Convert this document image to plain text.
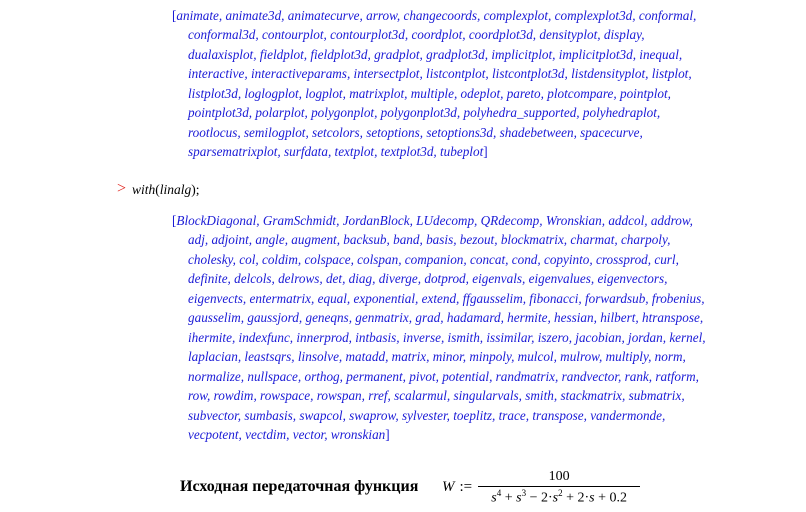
[animate, animate3d, animatecurve, arrow, changecoords, complexplot, complexplot3d, conformal,
conformal3d, contourplot, contourplot3d, coordplot, coordplot3d, densityplot, display,
dualaxisplot, fieldplot, fieldplot3d, gradplot, gradplot3d, implicitplot, implicitplot3d, inequal,
interactive, interactiveparams, intersectplot, listcontplot, listcontplot3d, listdensityplot, listplot,
listplot3d, loglogplot, logplot, matrixplot, multiple, odeplot, pareto, plotcompare, pointplot,
pointplot3d, polarplot, polygonplot, polygonplot3d, polyhedra_supported, polyhedraplot,
rootlocus, semilogplot, setcolors, setoptions, setoptions3d, shadebetween, spacecurve,
sparsematrixplot, surfdata, textplot, textplot3d, tubeplot]
> with(linalg);
[BlockDiagonal, GramSchmidt, JordanBlock, LUdecomp, QRdecomp, Wronskian, addcol, addrow,
adj, adjoint, angle, augment, backsub, band, basis, bezout, blockmatrix, charmat, charpoly,
cholesky, col, coldim, colspace, colspan, companion, concat, cond, copyinto, crossprod, curl,
definite, delcols, delrows, det, diag, diverge, dotprod, eigenvals, eigenvalues, eigenvectors,
eigenvects, entermatrix, equal, exponential, extend, ffgausselim, fibonacci, forwardsub, frobenius,
gausselim, gaussjord, geneqns, genmatrix, grad, hadamard, hermite, hessian, hilbert, htranspose,
ihermite, indexfunc, innerprod, intbasis, inverse, ismith, issimilar, iszero, jacobian, jordan, kernel,
laplacian, leastsqrs, linsolve, matadd, matrix, minor, minpoly, mulcol, mulrow, multiply, norm,
normalize, nullspace, orthog, permanent, pivot, potential, randmatrix, randvector, rank, ratform,
row, rowdim, rowspace, rowspan, rref, scalarmul, singularvals, smith, stackmatrix, submatrix,
subvector, sumbasis, swapcol, swaprow, sylvester, toeplitz, trace, transpose, vandermonde,
vecpotent, vectdim, vector, wronskian]
Исходная передаточная функция W := $\frac{100}{s^4 + s^3 - 2\cdot s^2 + 2\cdot s + 0.2}$
